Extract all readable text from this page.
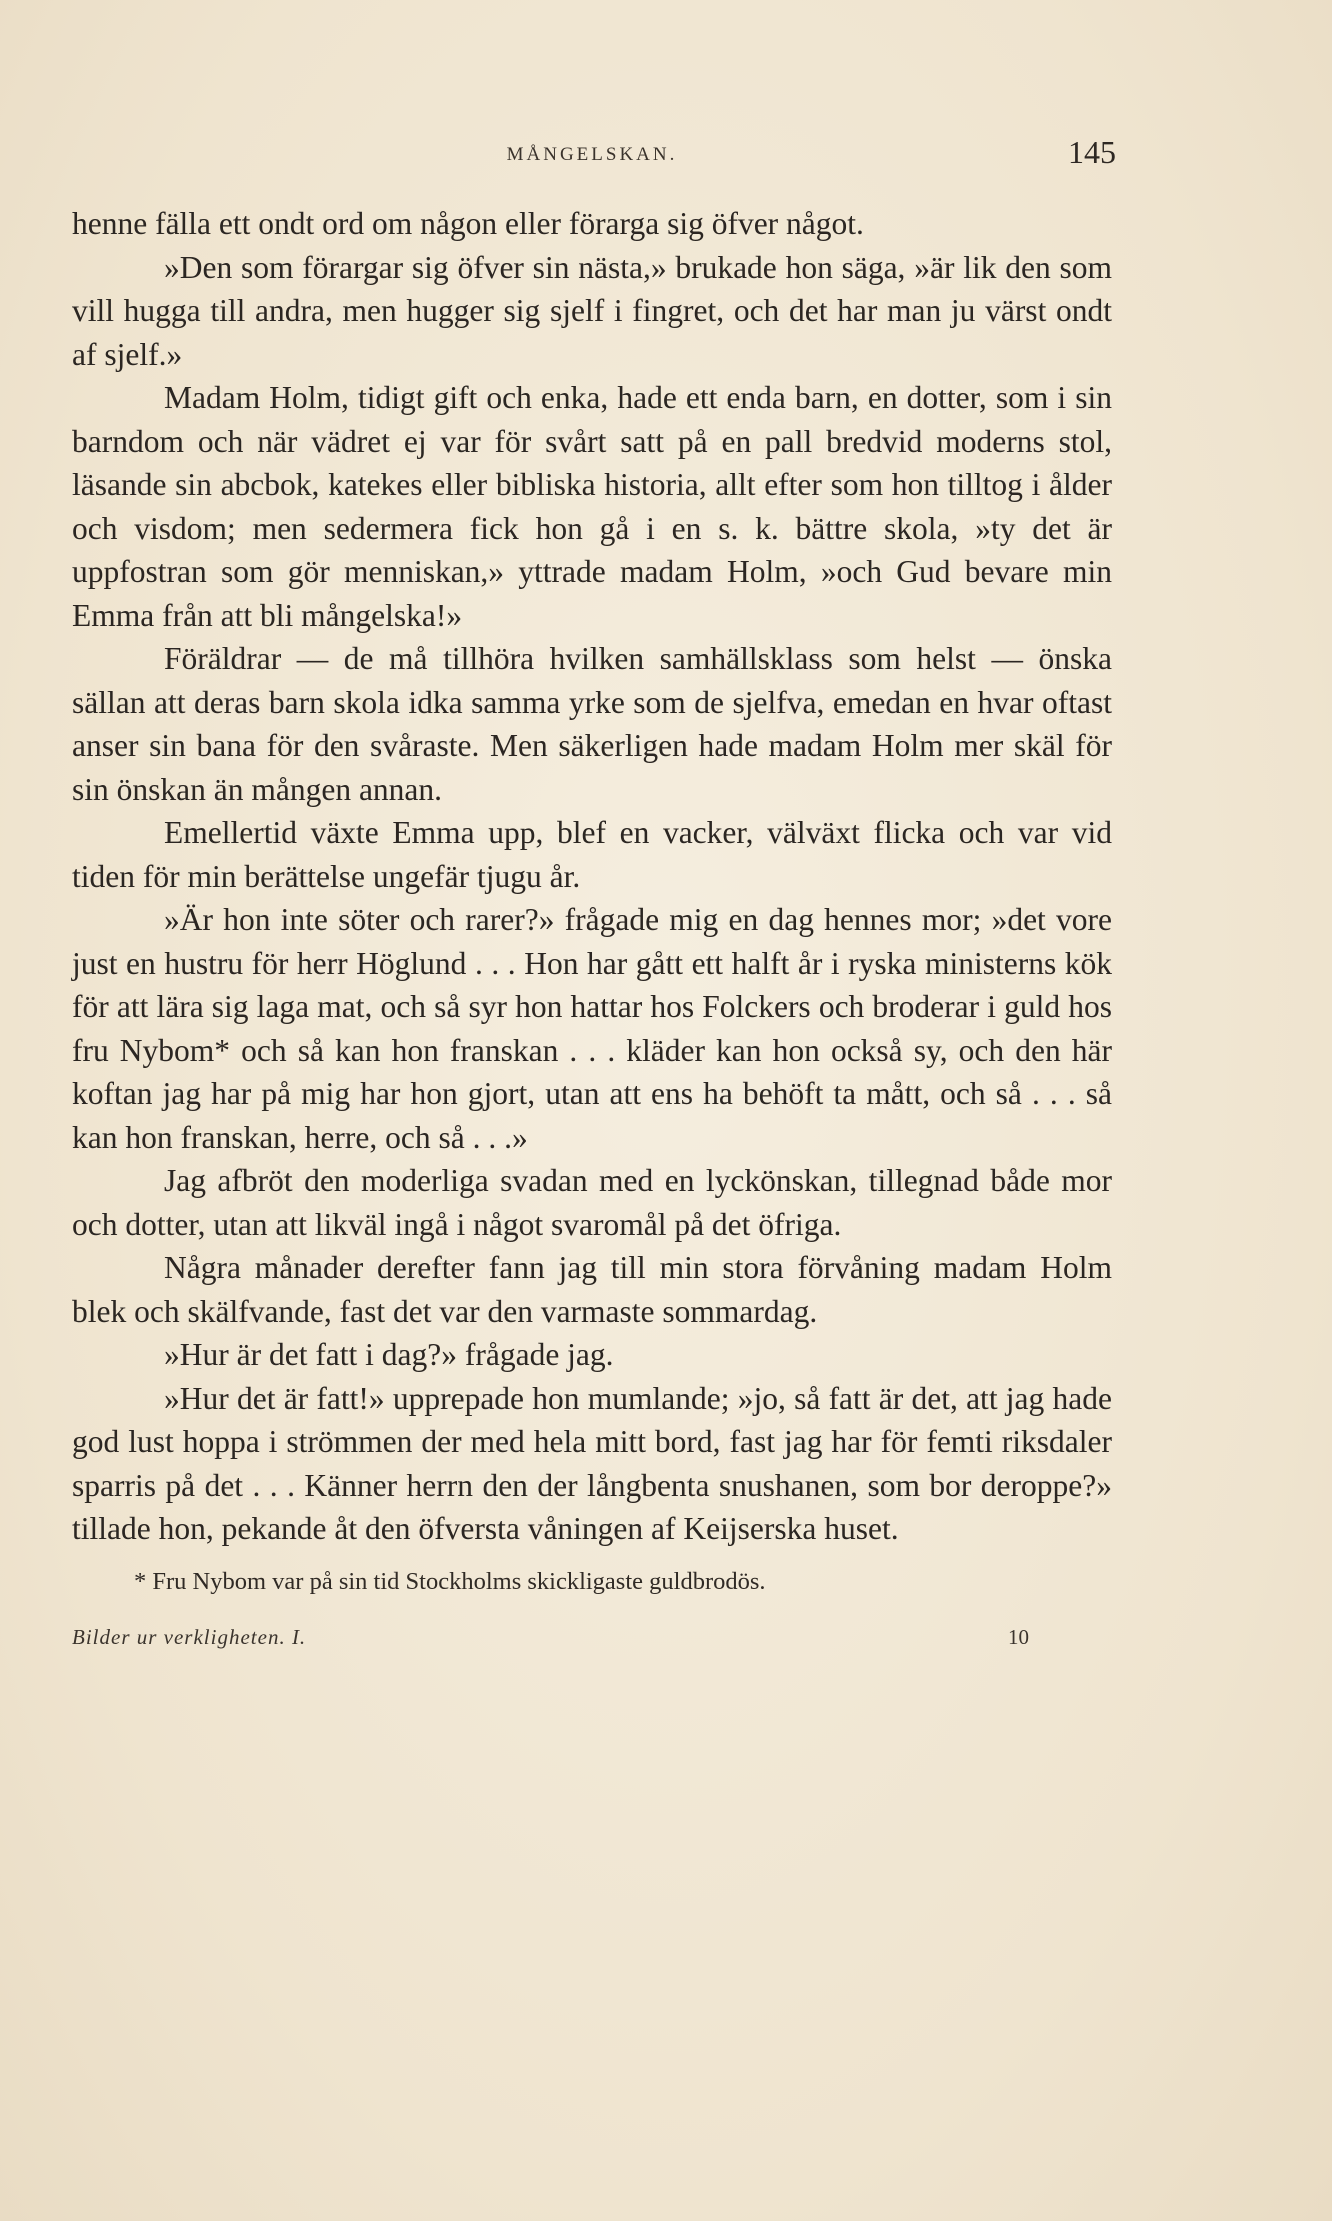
MÅNGELSKAN.	145

henne fälla ett ondt ord om någon eller förarga sig öfver något.

»Den som förargar sig öfver sin nästa,» brukade hon säga, »är lik den som vill hugga till andra, men hugger sig sjelf i fingret, och det har man ju värst ondt af sjelf.»

Madam Holm, tidigt gift och enka, hade ett enda barn, en dotter, som i sin barndom och när vädret ej var för svårt satt på en pall bredvid moderns stol, läsande sin abcbok, katekes eller bibliska historia, allt efter som hon tilltog i ålder och visdom; men sedermera fick hon gå i en s. k. bättre skola, »ty det är uppfostran som gör menniskan,» yttrade madam Holm, »och Gud bevare min Emma från att bli mångelska!»

Föräldrar — de må tillhöra hvilken samhällsklass som helst — önska sällan att deras barn skola idka samma yrke som de sjelfva, emedan en hvar oftast anser sin bana för den svåraste. Men säkerligen hade madam Holm mer skäl för sin önskan än mången annan.

Emellertid växte Emma upp, blef en vacker, välväxt flicka och var vid tiden för min berättelse ungefär tjugu år.

»Är hon inte söter och rarer?» frågade mig en dag hennes mor; »det vore just en hustru för herr Höglund . . . Hon har gått ett halft år i ryska ministerns kök för att lära sig laga mat, och så syr hon hattar hos Folckers och broderar i guld hos fru Nybom* och så kan hon franskan . . . kläder kan hon också sy, och den här koftan jag har på mig har hon gjort, utan att ens ha behöft ta mått, och så . . . så kan hon franskan, herre, och så . . .»

Jag afbröt den moderliga svadan med en lyckönskan, tillegnad både mor och dotter, utan att likväl ingå i något svaromål på det öfriga.

Några månader derefter fann jag till min stora förvåning madam Holm blek och skälfvande, fast det var den varmaste sommardag.

»Hur är det fatt i dag?» frågade jag.

»Hur det är fatt!» upprepade hon mumlande; »jo, så fatt är det, att jag hade god lust hoppa i strömmen der med hela mitt bord, fast jag har för femti riksdaler sparris på det . . . Känner herrn den der långbenta snushanen, som bor deroppe?» tillade hon, pekande åt den öfversta våningen af Keijserska huset.

* Fru Nybom var på sin tid Stockholms skickligaste guldbrodös.
Bilder ur verkligheten. I.	10
